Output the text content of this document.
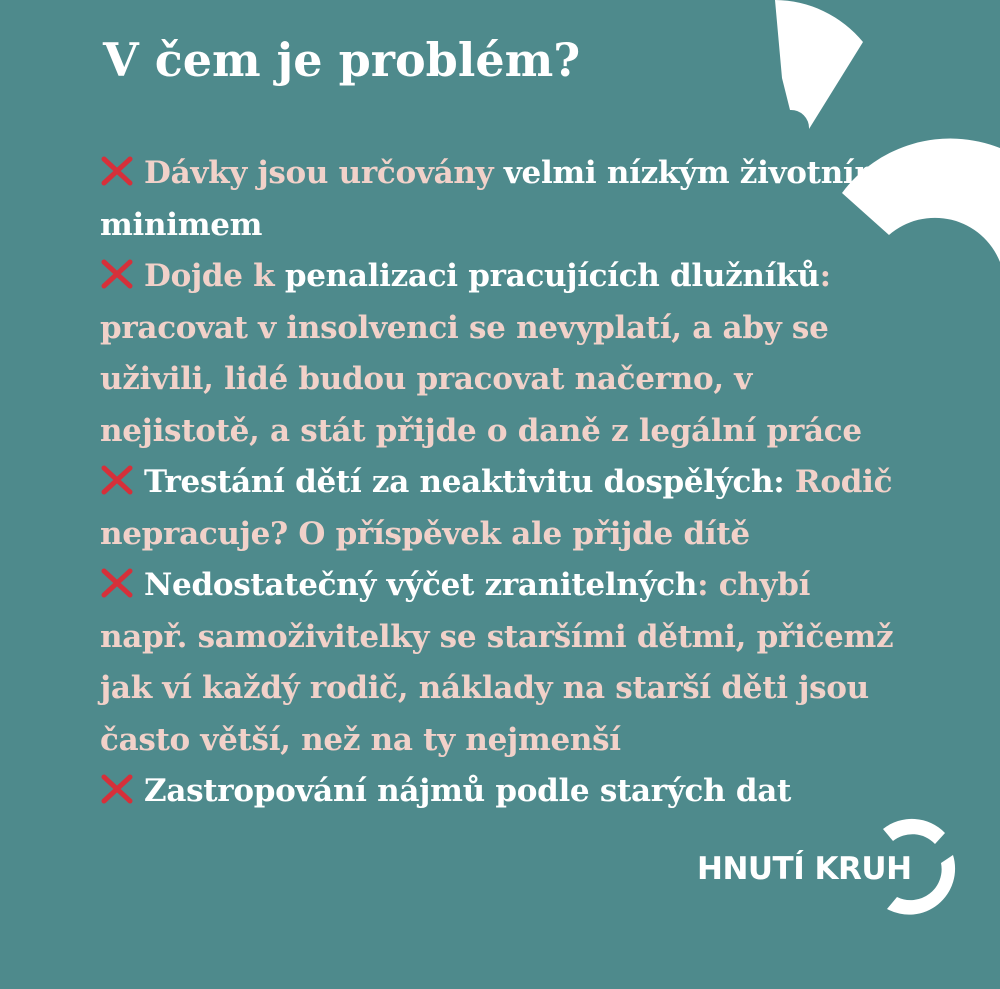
V čem je problém?

Dávky jsou určovány velmi nízkým životním minimem

Dojde k penalizaci pracujících dlužníků: pracovat v insolvenci se nevyplatí, a aby se uživili, lidé budou pracovat načerno, v nejistotě, a stát přijde o daně z legální práce

Trestání dětí za neaktivitu dospělých: Rodič nepracuje? O příspěvek ale přijde dítě

Nedostatečný výčet zranitelných: chybí např. samoživitelky se staršími dětmi, přičemž jak ví každý rodič, náklady na starší děti jsou často větší, než na ty nejmenší

Zastropování nájmů podle starých dat

HNUTÍ KRUH
